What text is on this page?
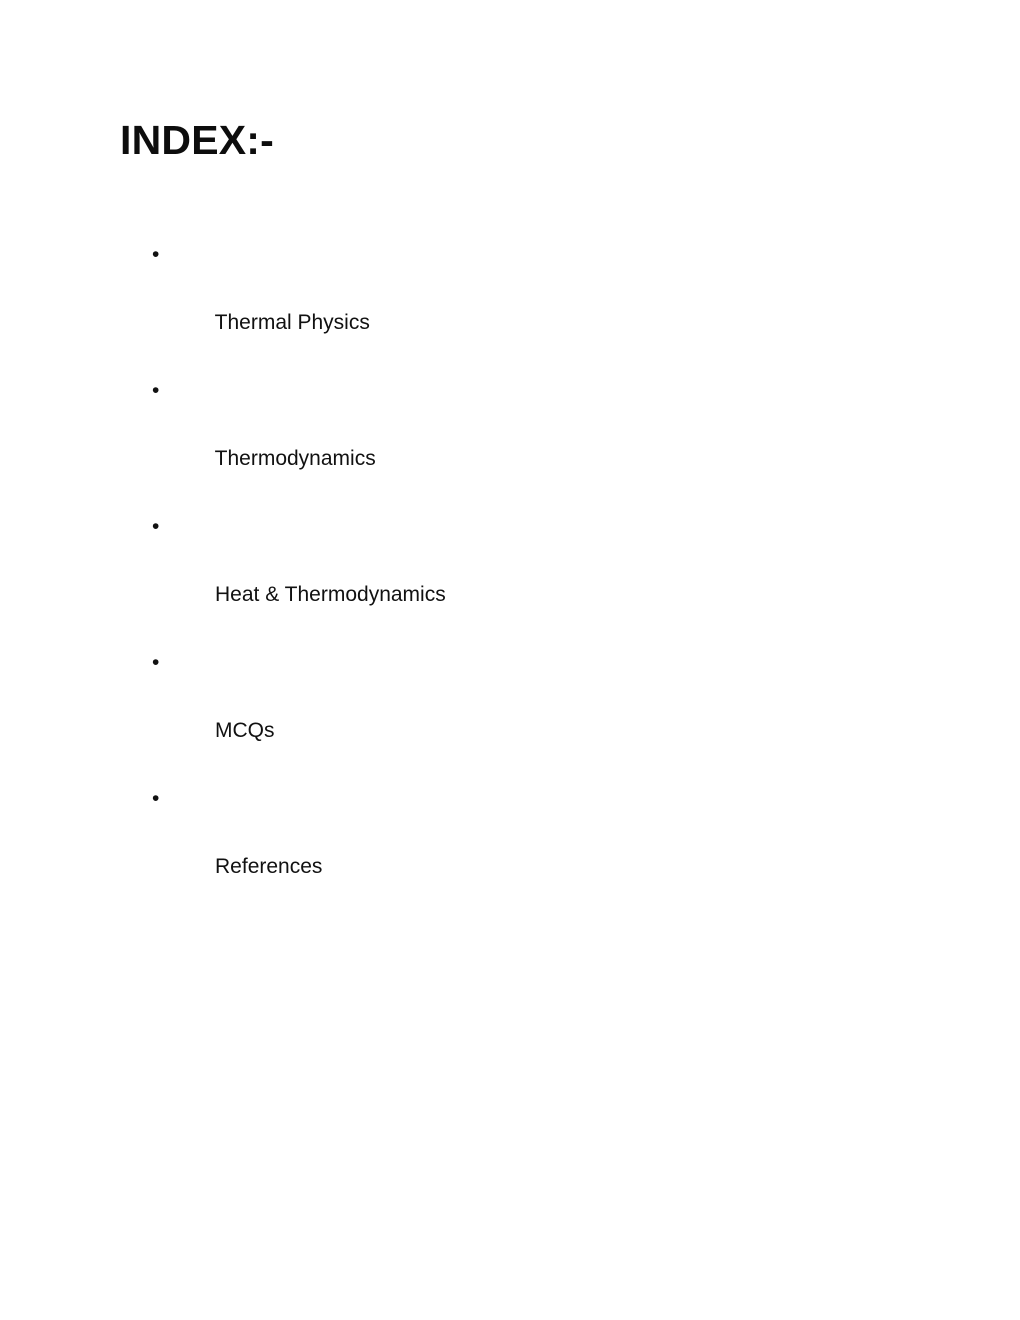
INDEX:-

•

Thermal Physics

•

Thermodynamics

•

Heat & Thermodynamics

•

MCQs

•

References
